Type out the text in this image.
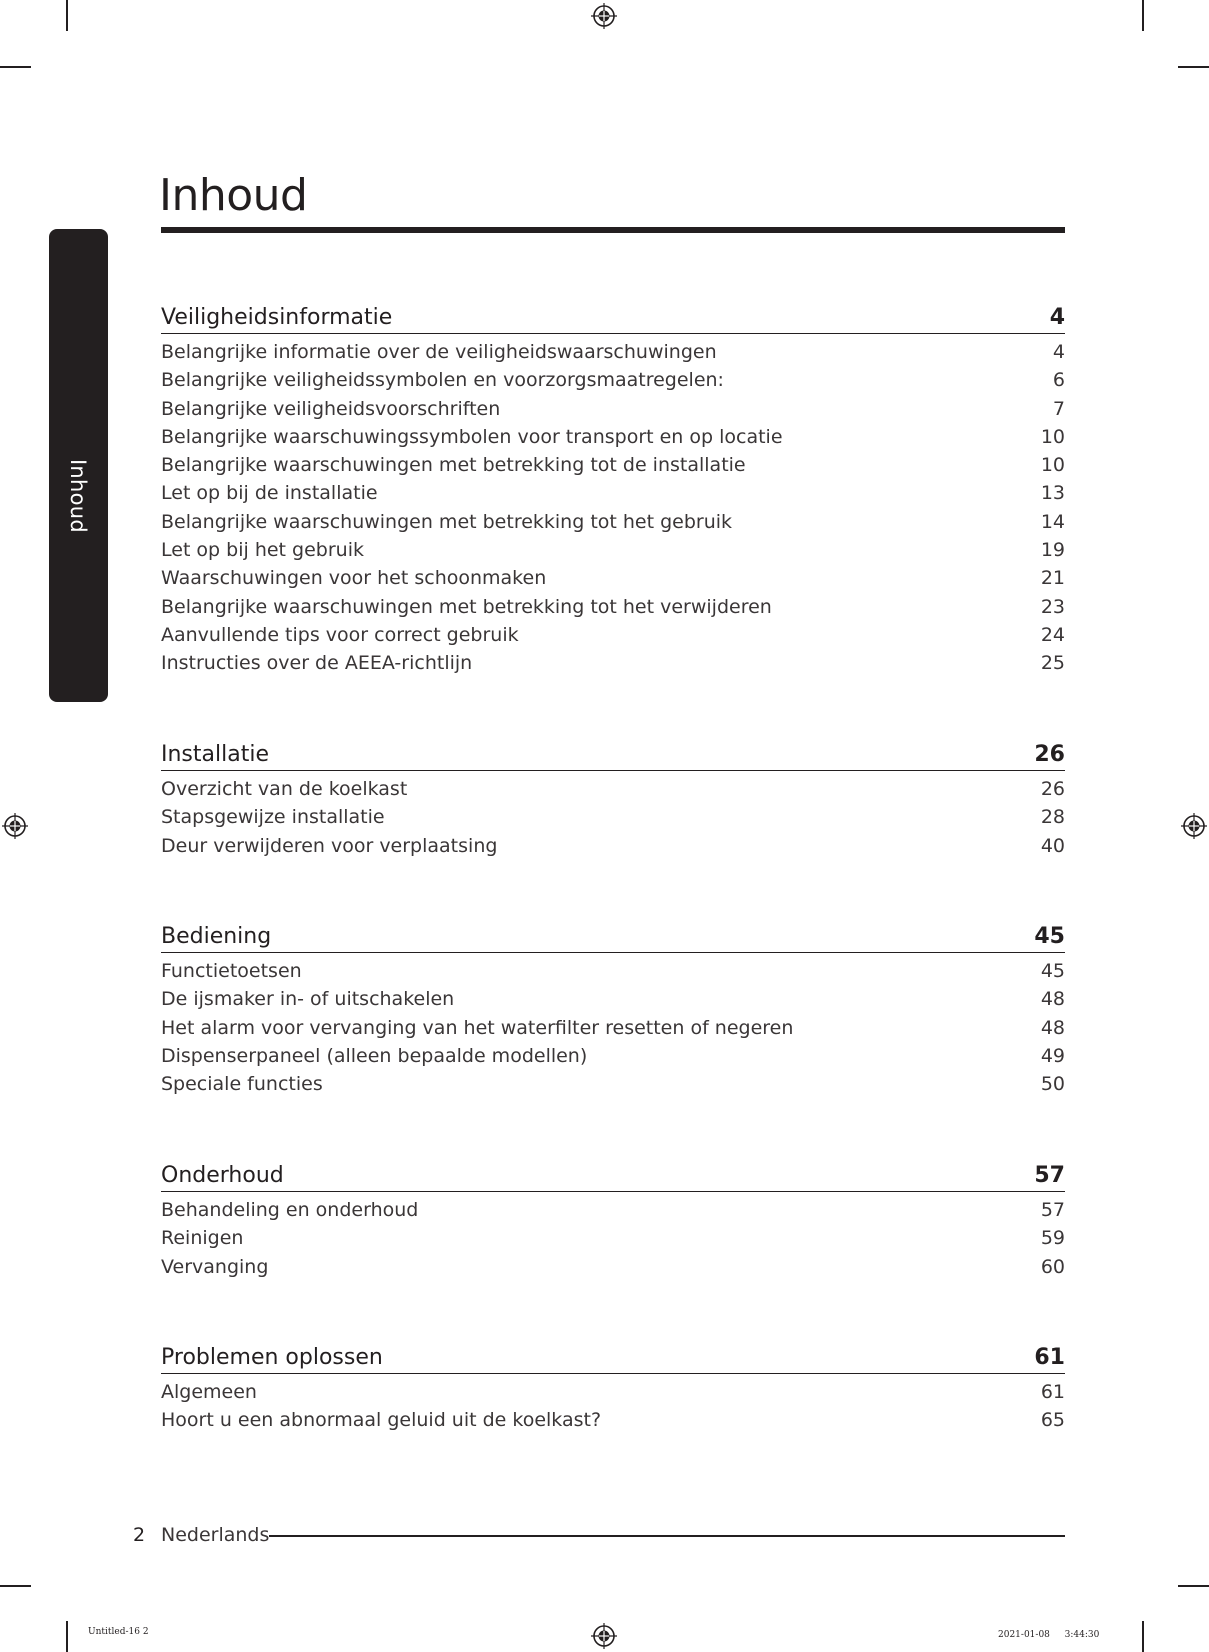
Inhoud
Inhoud
Veiligheidsinformatie	4
Belangrijke informatie over de veiligheidswaarschuwingen	4
Belangrijke veiligheidssymbolen en voorzorgsmaatregelen:	6
Belangrijke veiligheidsvoorschriften	7
Belangrijke waarschuwingssymbolen voor transport en op locatie	10
Belangrijke waarschuwingen met betrekking tot de installatie	10
Let op bij de installatie	13
Belangrijke waarschuwingen met betrekking tot het gebruik	14
Let op bij het gebruik	19
Waarschuwingen voor het schoonmaken	21
Belangrijke waarschuwingen met betrekking tot het verwijderen	23
Aanvullende tips voor correct gebruik	24
Instructies over de AEEA-richtlijn	25
Installatie	26
Overzicht van de koelkast	26
Stapsgewijze installatie	28
Deur verwijderen voor verplaatsing	40
Bediening	45
Functietoetsen	45
De ijsmaker in- of uitschakelen	48
Het alarm voor vervanging van het waterfilter resetten of negeren	48
Dispenserpaneel (alleen bepaalde modellen)	49
Speciale functies	50
Onderhoud	57
Behandeling en onderhoud	57
Reinigen	59
Vervanging	60
Problemen oplossen	61
Algemeen	61
Hoort u een abnormaal geluid uit de koelkast?	65
2 Nederlands
Untitled-16 2	2021-01-08 　 3:44:30
